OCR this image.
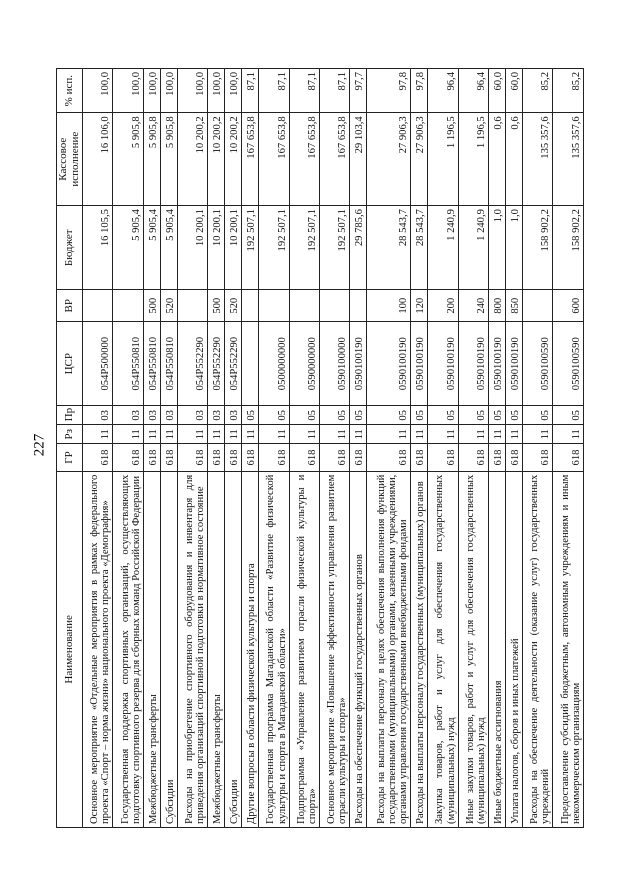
227
Наименование	ГР	Рз	Пр	ЦСР	ВР	Бюджет	Кассовое исполнение	% исп.
Основное мероприятие «Отдельные мероприятия в рамках федерального проекта «Спорт – норма жизни» национального проекта «Демография»	618	11	03	054P500000		16 105,5	16 106,0	100,0
Государственная поддержка спортивных организаций, осуществляющих подготовку спортивного резерва для сборных команд Российской Федерации	618	11	03	054P550810		5 905,4	5 905,8	100,0
Межбюджетные трансферты	618	11	03	054P550810	500	5 905,4	5 905,8	100,0
Субсидии	618	11	03	054P550810	520	5 905,4	5 905,8	100,0
Расходы на приобретение спортивного оборудования и инвентаря для приведения организаций спортивной подготовки в нормативное состояние	618	11	03	054P552290		10 200,1	10 200,2	100,0
Межбюджетные трансферты	618	11	03	054P552290	500	10 200,1	10 200,2	100,0
Субсидии	618	11	03	054P552290	520	10 200,1	10 200,2	100,0
Другие вопросы в области физической культуры и спорта	618	11	05			192 507,1	167 653,8	87,1
Государственная программа Магаданской области «Развитие физической культуры и спорта в Магаданской области»	618	11	05	0500000000		192 507,1	167 653,8	87,1
Подпрограмма «Управление развитием отрасли физической культуры и спорта»	618	11	05	0590000000		192 507,1	167 653,8	87,1
Основное мероприятие «Повышение эффективности управления развитием отрасли культуры и спорта»	618	11	05	0590100000		192 507,1	167 653,8	87,1
Расходы на обеспечение функций государственных органов	618	11	05	0590100190		29 785,6	29 103,4	97,7
Расходы на выплаты персоналу в целях обеспечения выполнения функций государственными (муниципальными) органами, казенными учреждениями, органами управления государственными внебюджетными фондами	618	11	05	0590100190	100	28 543,7	27 906,3	97,8
Расходы на выплаты персоналу государственных (муниципальных) органов	618	11	05	0590100190	120	28 543,7	27 906,3	97,8
Закупка товаров, работ и услуг для обеспечения государственных (муниципальных) нужд	618	11	05	0590100190	200	1 240,9	1 196,5	96,4
Иные закупки товаров, работ и услуг для обеспечения государственных (муниципальных) нужд	618	11	05	0590100190	240	1 240,9	1 196,5	96,4
Иные бюджетные ассигнования	618	11	05	0590100190	800	1,0	0,6	60,0
Уплата налогов, сборов и иных платежей	618	11	05	0590100190	850	1,0	0,6	60,0
Расходы на обеспечение деятельности (оказание услуг) государственных учреждений	618	11	05	0590100590		158 902,2	135 357,6	85,2
Предоставление субсидий бюджетным, автономным учреждениям и иным некоммерческим организациям	618	11	05	0590100590	600	158 902,2	135 357,6	85,2
